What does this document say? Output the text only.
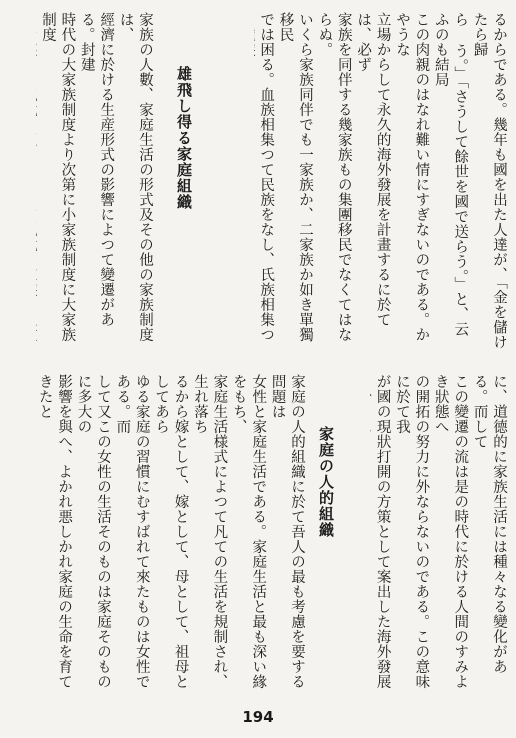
るからである。幾年も國を出た人達が、「金を儲けたら歸

ら う。」「さうして餘世を國で送らう。」と、云ふのも結局

この肉親のはなれ難い情にすぎないのである。かやうな

立場からして永久的海外發展を計畫するに於ては、必ず

家族を同伴する幾家族もの集團移民でなくてはならぬ。

いくら家族同伴でも一家族か、二家族か如き單獨移民

では困る。血族相集つて民族をなし、氏族相集つ

雄飛し得る家庭組織

家族の人數、家庭生活の形式及その他の家族制度は、

經濟に於ける生産形式の影響によつて變遷がある。封建

時代の大家族制度より次第に小家族制度に大家族制度

に、道德的に家族生活には種々なる變化がある。而して

この變遷の流は是の時代に於ける人間のすみよき狀態へ

の開拓の努力に外ならないのである。この意味に於て我

が國の現狀打開の方策として案出した海外發展

家庭の人的組織

家庭の人的組織に於て吾人の最も考慮を要する問題は

女性と家庭生活である。家庭生活と最も深い緣をもち、

家庭生活様式によつて凡ての生活を規制され、生れ落ち

るから嫁として、嫁として、母として、祖母としてあら

ゆる家庭の習慣にむすばれて來たものは女性である。而

して又この女性の生活そのものは家庭そのものに多大の

影響を與へ、よかれ悪しかれ家庭の生命を育てきたと

194
